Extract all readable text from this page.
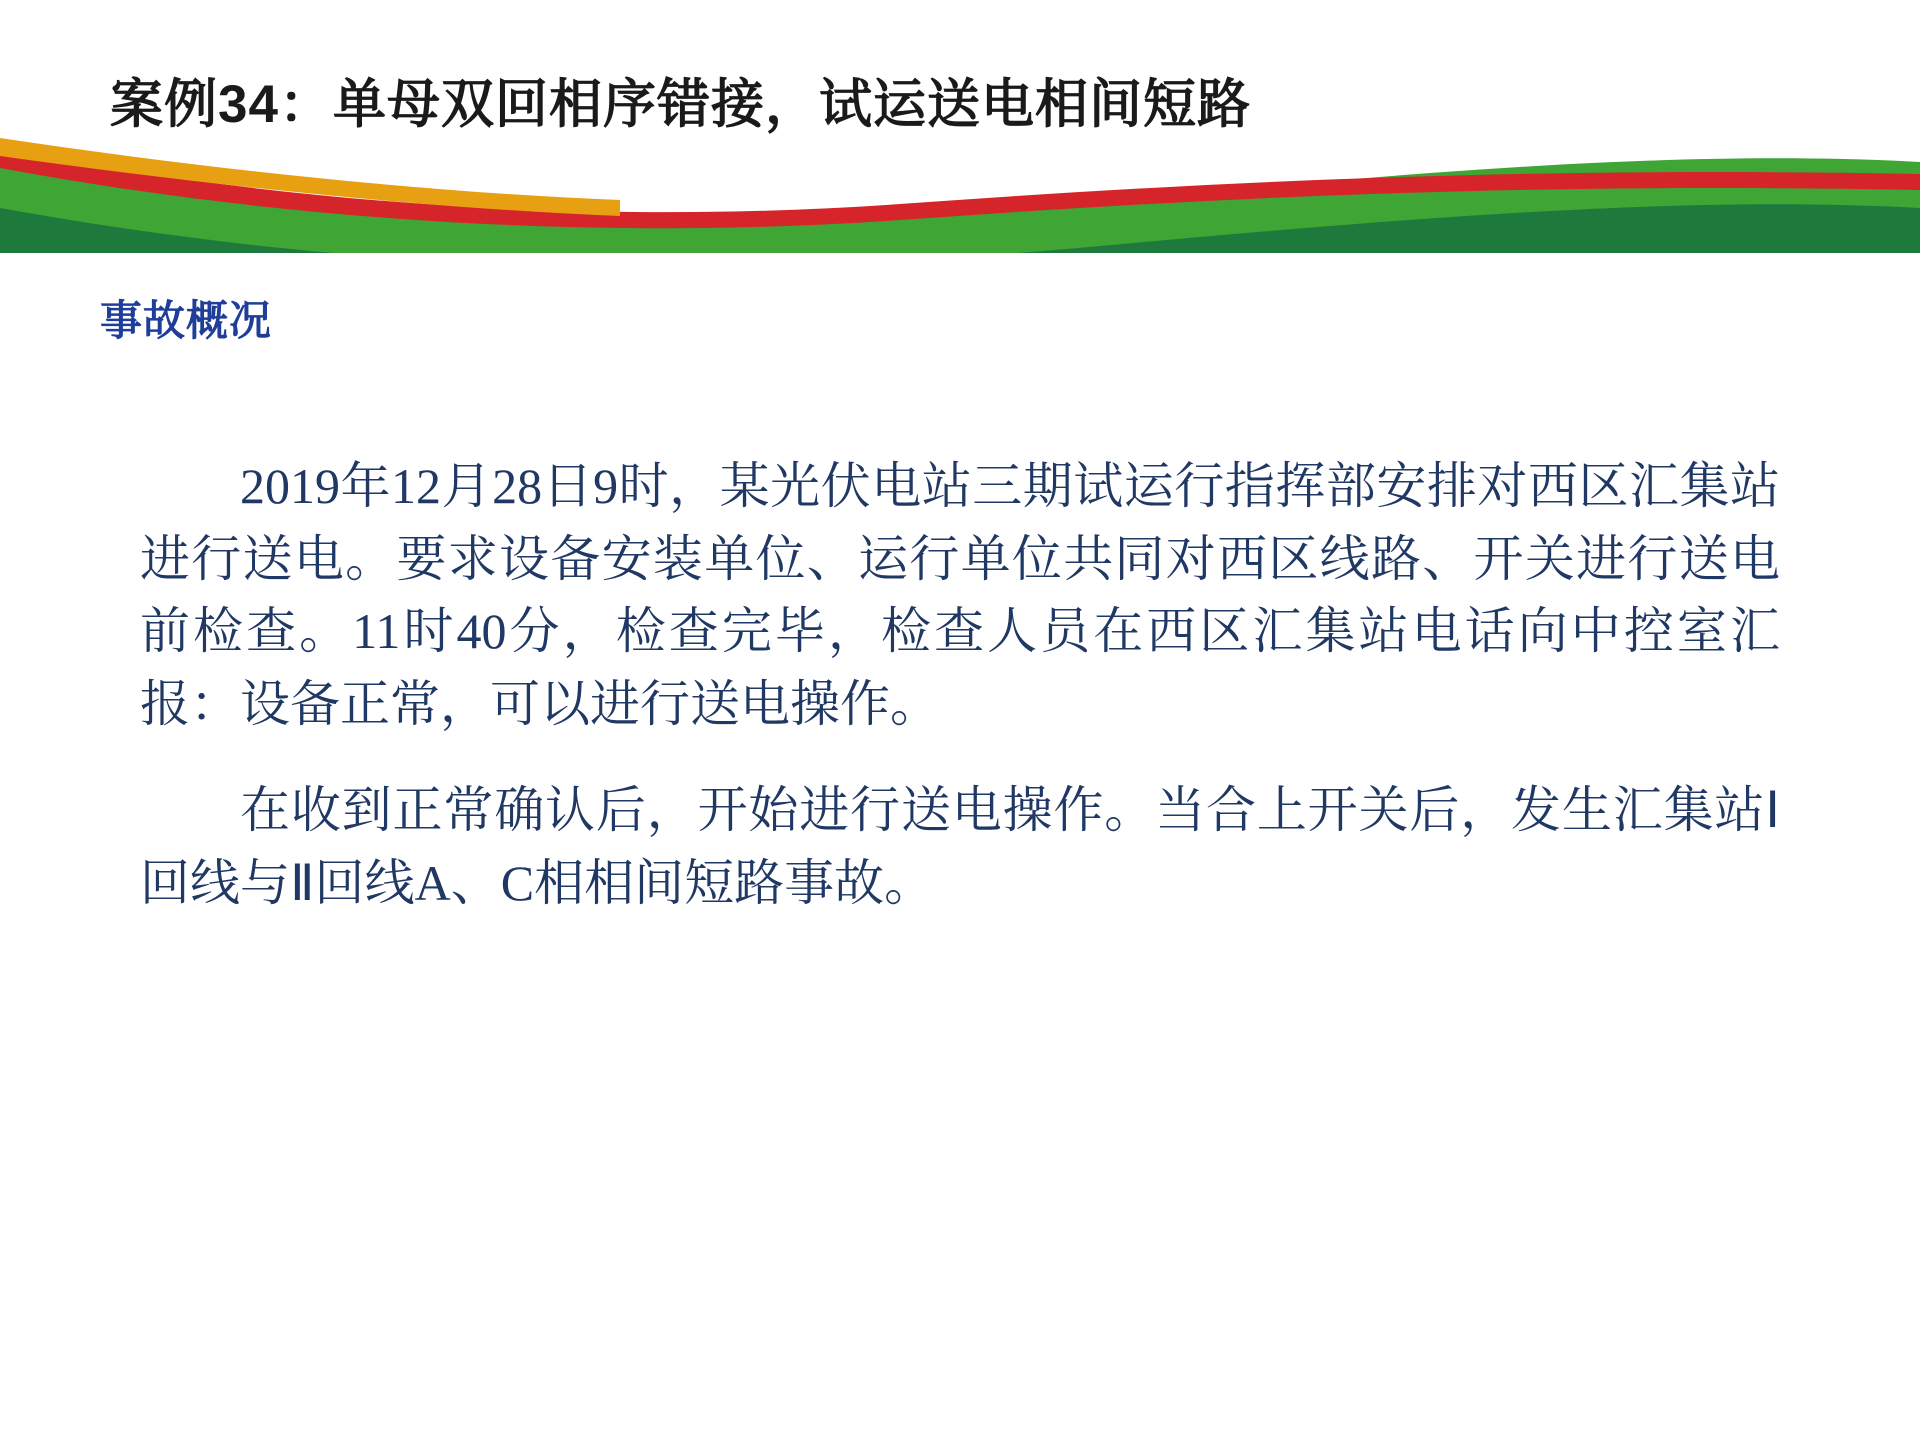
案例34：单母双回相序错接，试运送电相间短路
事故概况

2019年12月28日9时，某光伏电站三期试运行指挥部安排对西区汇集站进行送电。要求设备安装单位、运行单位共同对西区线路、开关进行送电前检查。11时40分，检查完毕，检查人员在西区汇集站电话向中控室汇报：设备正常，可以进行送电操作。

在收到正常确认后，开始进行送电操作。当合上开关后，发生汇集站Ⅰ回线与Ⅱ回线A、C相相间短路事故。
